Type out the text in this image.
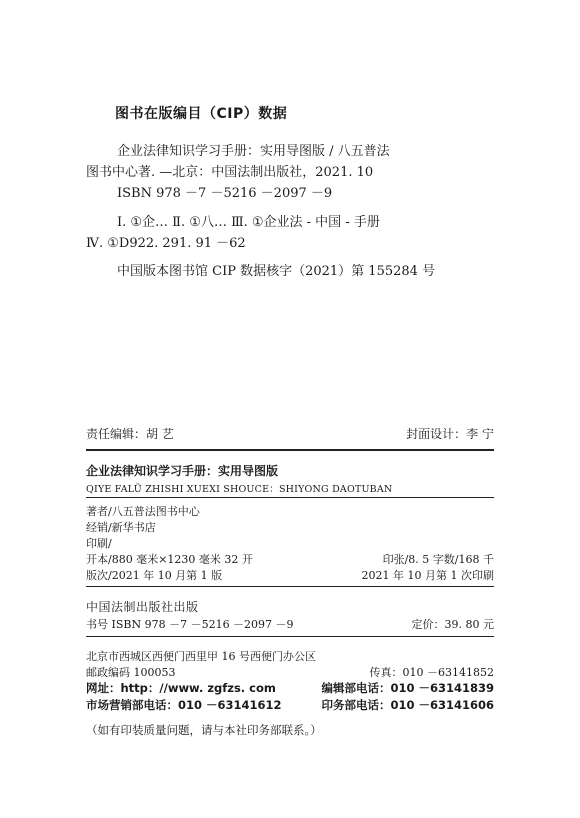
图书在版编目（CIP）数据
企业法律知识学习手册：实用导图版 / 八五普法
图书中心著. —北京：中国法制出版社，2021. 10
ISBN 978 －7 －5216 －2097 －9
Ⅰ. ①企… Ⅱ. ①八… Ⅲ. ①企业法 - 中国 - 手册
Ⅳ. ①D922. 291. 91 －62
中国版本图书馆 CIP 数据核字（2021）第 155284 号
责任编辑：胡 艺	封面设计：李 宁
企业法律知识学习手册：实用导图版
QIYE FALÜ ZHISHI XUEXI SHOUCE：SHIYONG DAOTUBAN
著者/八五普法图书中心
经销/新华书店
印刷/
开本/880 毫米×1230 毫米 32 开	印张/8. 5 字数/168 千
版次/2021 年 10 月第 1 版	2021 年 10 月第 1 次印刷
中国法制出版社出版
书号 ISBN 978 －7 －5216 －2097 －9	定价：39. 80 元
北京市西城区西便门西里甲 16 号西便门办公区
邮政编码 100053	传真：010 －63141852
网址：http：//www. zgfzs. com	编辑部电话：010 －63141839
市场营销部电话：010 －63141612	印务部电话：010 －63141606
（如有印装质量问题，请与本社印务部联系。）
